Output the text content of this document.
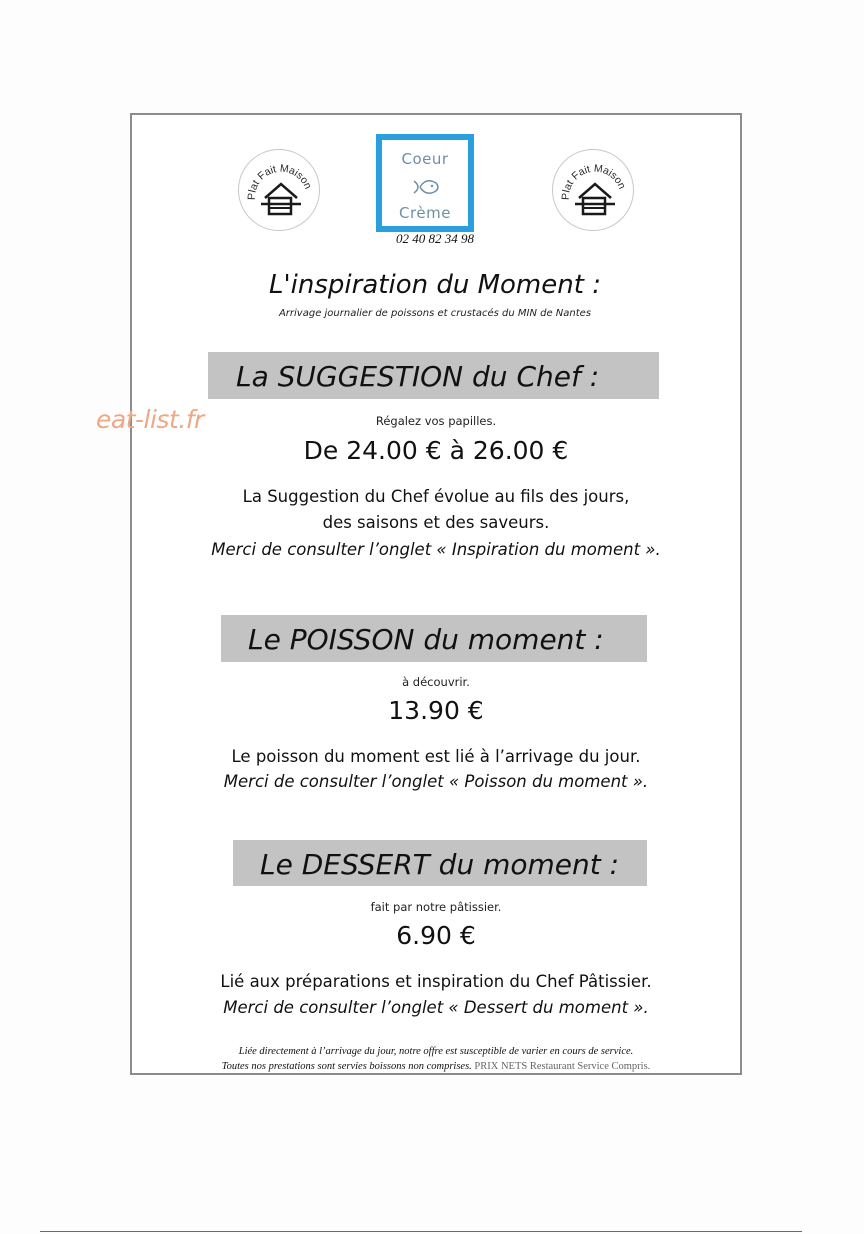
Plat Fait Maison
Plat Fait Maison
Coeur
Crème
02 40 82 34 98
L'inspiration du Moment :
Arrivage journalier de poissons et crustacés du MIN de Nantes
eat-list.fr
La SUGGESTION du Chef :
Régalez vos papilles.
De 24.00 € à 26.00 €
La Suggestion du Chef évolue au fils des jours,
des saisons et des saveurs.
Merci de consulter l’onglet « Inspiration du moment ».
Le POISSON du moment :
à découvrir.
13.90 €
Le poisson du moment est lié à l’arrivage du jour.
Merci de consulter l’onglet « Poisson du moment ».
Le DESSERT du moment :
fait par notre pâtissier.
6.90 €
Lié aux préparations et inspiration du Chef Pâtissier.
Merci de consulter l’onglet « Dessert du moment ».
Liée directement à l’arrivage du jour, notre offre est susceptible de varier en cours de service.
Toutes nos prestations sont servies boissons non comprises. PRIX NETS Restaurant Service Compris.
